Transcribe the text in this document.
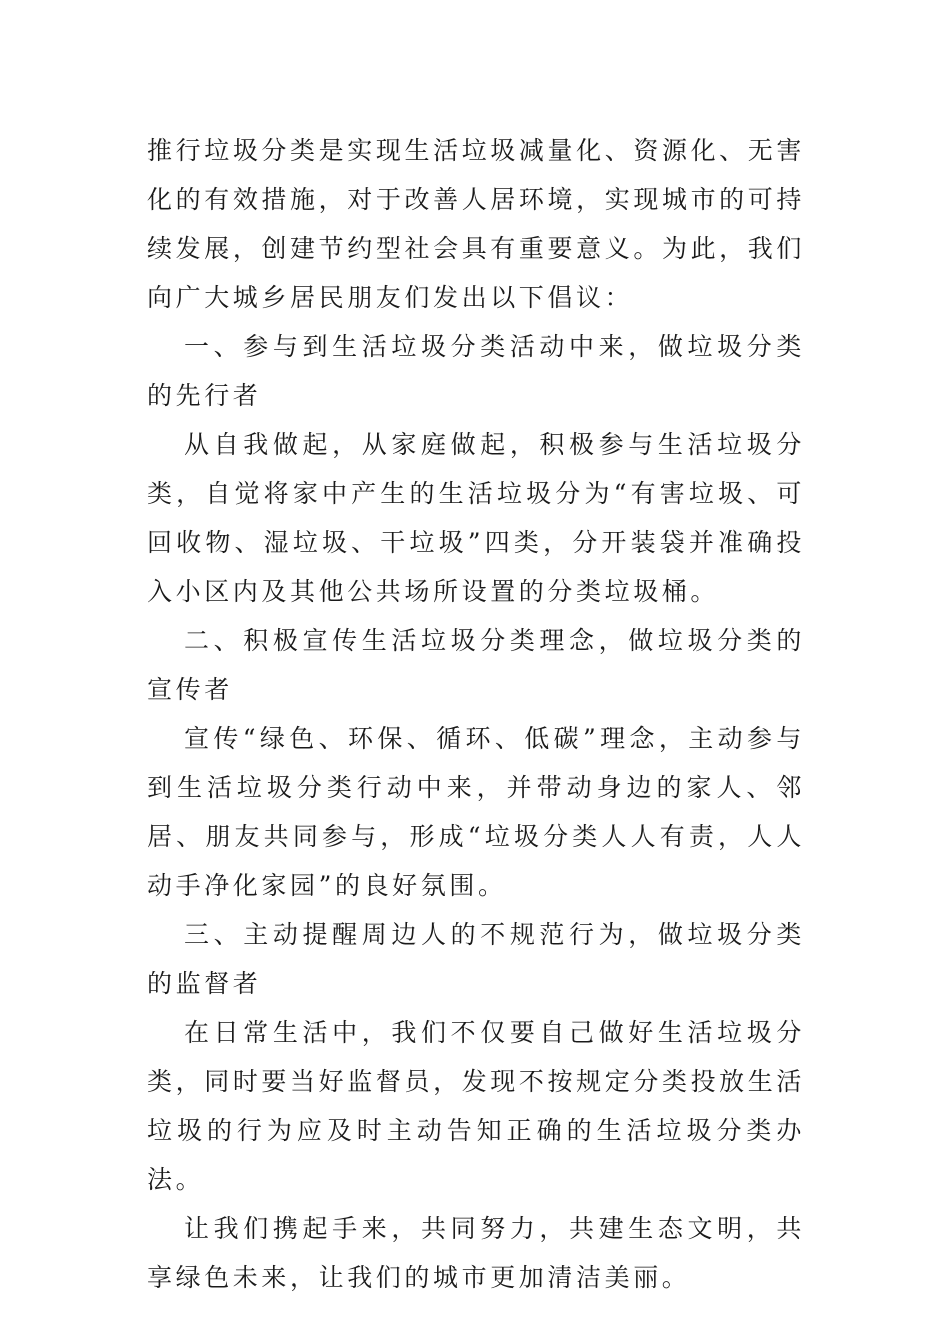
推行垃圾分类是实现生活垃圾减量化、资源化、无害化的有效措施，对于改善人居环境，实现城市的可持续发展，创建节约型社会具有重要意义。为此，我们向广大城乡居民朋友们发出以下倡议：

一、参与到生活垃圾分类活动中来，做垃圾分类的先行者

从自我做起，从家庭做起，积极参与生活垃圾分类，自觉将家中产生的生活垃圾分为“有害垃圾、可回收物、湿垃圾、干垃圾”四类，分开装袋并准确投入小区内及其他公共场所设置的分类垃圾桶。

二、积极宣传生活垃圾分类理念，做垃圾分类的宣传者

宣传“绿色、环保、循环、低碳”理念，主动参与到生活垃圾分类行动中来，并带动身边的家人、邻居、朋友共同参与，形成“垃圾分类人人有责，人人动手净化家园”的良好氛围。

三、主动提醒周边人的不规范行为，做垃圾分类的监督者

在日常生活中，我们不仅要自己做好生活垃圾分类，同时要当好监督员，发现不按规定分类投放生活垃圾的行为应及时主动告知正确的生活垃圾分类办法。

让我们携起手来，共同努力，共建生态文明，共享绿色未来，让我们的城市更加清洁美丽。
